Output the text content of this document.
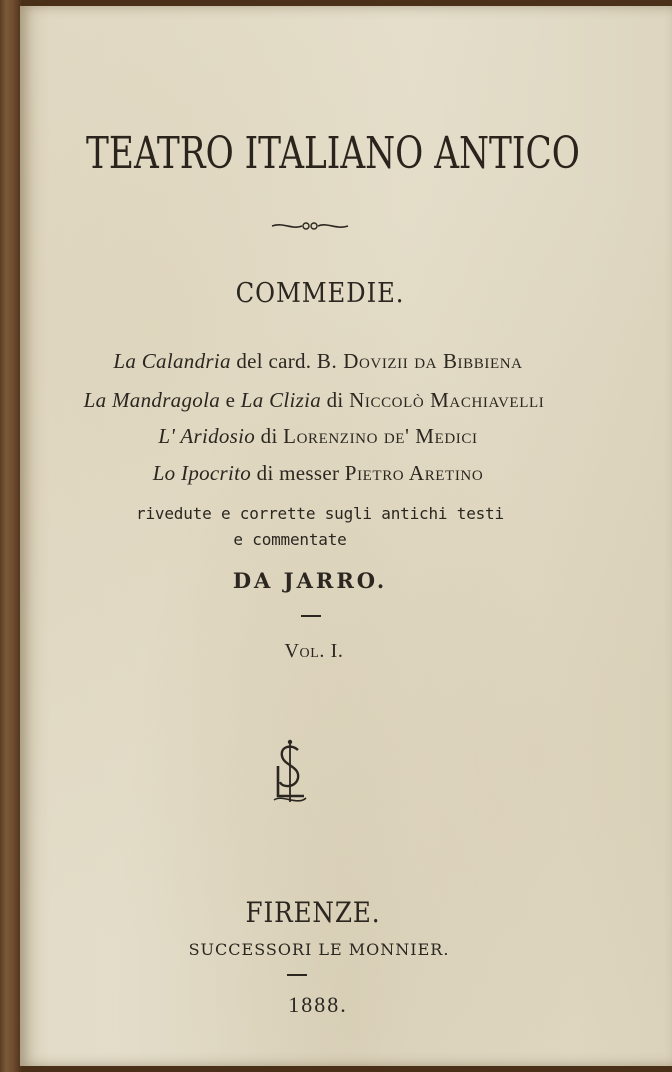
TEATRO ITALIANO ANTICO
COMMEDIE.
La Calandria del card. B. Dovizii da Bibbiena
La Mandragola e La Clizia di Niccolò Machiavelli
L' Aridosio di Lorenzino de' Medici
Lo Ipocrito di messer Pietro Aretino
rivedute e corrette sugli antichi testi
e commentate
DA JARRO.
Vol. I.
FIRENZE.
SUCCESSORI LE MONNIER.
1888.
